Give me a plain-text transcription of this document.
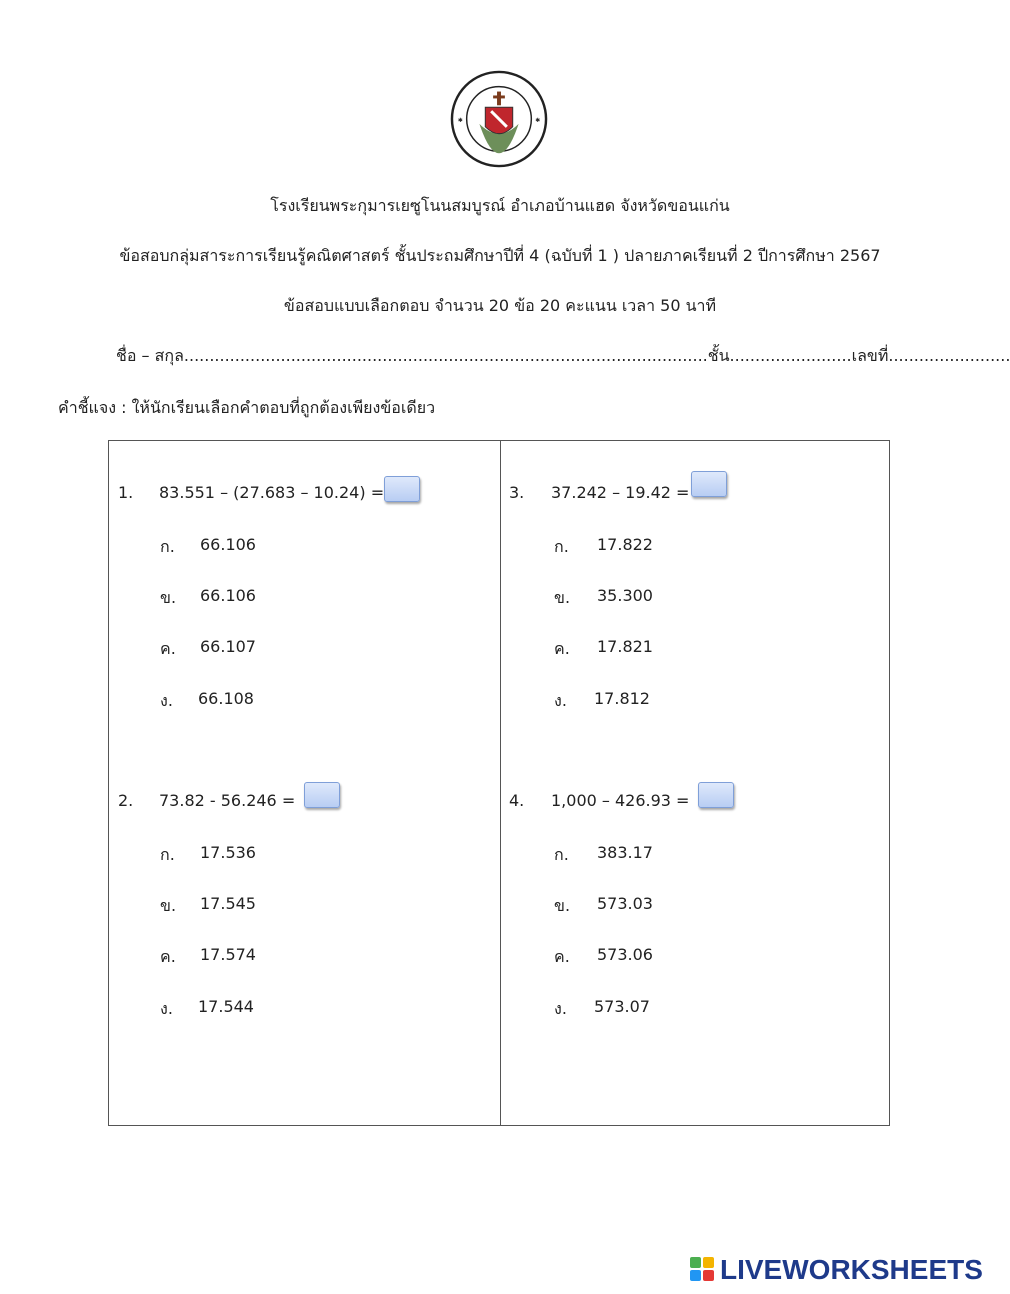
✱	✱
โรงเรียนพระกุมารเยซูโนนสมบูรณ์ อำเภอบ้านแฮด จังหวัดขอนแก่น
ข้อสอบกลุ่มสาระการเรียนรู้คณิตศาสตร์ ชั้นประถมศึกษาปีที่ 4 (ฉบับที่ 1 ) ปลายภาคเรียนที่ 2 ปีการศึกษา 2567
ข้อสอบแบบเลือกตอบ จำนวน 20 ข้อ 20 คะแนน เวลา 50 นาที
ชื่อ – สกุล.......................................................................................................ชั้น........................เลขที่........................
คำชี้แจง : ให้นักเรียนเลือกคำตอบที่ถูกต้องเพียงข้อเดียว
1. 83.551 – (27.683 – 10.24) =
ก. 66.106
ข. 66.106
ค. 66.107
ง. 66.108
2. 73.82 - 56.246 =
ก. 17.536
ข. 17.545
ค. 17.574
ง. 17.544
3. 37.242 – 19.42 =
ก. 17.822
ข. 35.300
ค. 17.821
ง. 17.812
4. 1,000 – 426.93 =
ก. 383.17
ข. 573.03
ค. 573.06
ง. 573.07
LIVEWORKSHEETS
